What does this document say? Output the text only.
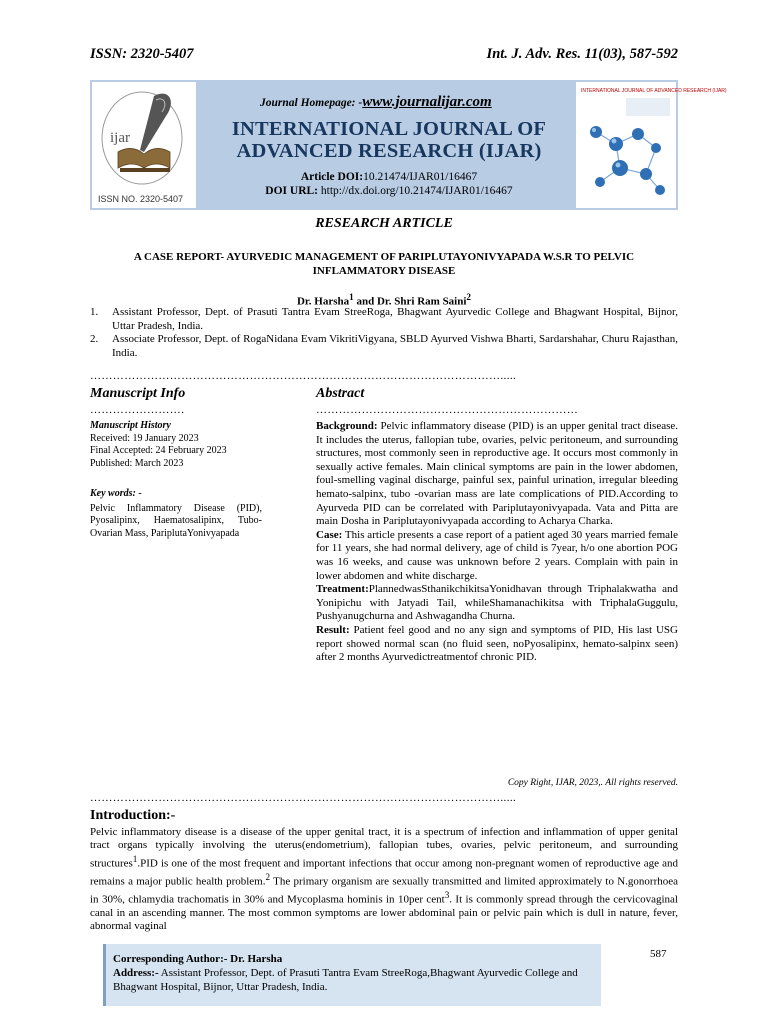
ISSN: 2320-5407	Int. J. Adv. Res. 11(03), 587-592
ijar
ISSN NO. 2320-5407
Journal Homepage: -www.journalijar.com
INTERNATIONAL JOURNAL OF
ADVANCED RESEARCH (IJAR)
Article DOI:10.21474/IJAR01/16467
DOI URL: http://dx.doi.org/10.21474/IJAR01/16467
INTERNATIONAL JOURNAL OF ADVANCED RESEARCH (IJAR)
RESEARCH ARTICLE
A CASE REPORT- AYURVEDIC MANAGEMENT OF PARIPLUTAYONIVYAPADA W.S.R TO PELVIC INFLAMMATORY DISEASE
Dr. Harsha$^1$ and Dr. Shri Ram Saini$^2$
1. Assistant Professor, Dept. of Prasuti Tantra Evam StreeRoga, Bhagwant Ayurvedic College and Bhagwant Hospital, Bijnor, Uttar Pradesh, India.
2. Associate Professor, Dept. of RogaNidana Evam VikritiVigyana, SBLD Ayurved Vishwa Bharti, Sardarshahar, Churu Rajasthan, India.
……………………………………………………………………………………………….....
Manuscript Info	Abstract
…………………….	……………………………………………………………
Manuscript History
Received: 19 January 2023
Final Accepted: 24 February 2023
Published: March 2023
Key words: -
Pelvic Inflammatory Disease (PID), Pyosalipinx, Haematosalipinx, Tubo-Ovarian Mass, PariplutaYonivyapada

Background: Pelvic inflammatory disease (PID) is an upper genital tract disease. It includes the uterus, fallopian tube, ovaries, pelvic peritoneum, and surrounding structures, most commonly seen in reproductive age. It occurs most commonly in sexually active females. Main clinical symptoms are pain in the lower abdomen, foul-smelling vaginal discharge, painful sex, painful urination, irregular bleeding hemato-salpinx, tubo -ovarian mass are late complications of PID.According to Ayurveda PID can be correlated with Pariplutayonivyapada. Vata and Pitta are main Dosha in Pariplutayonivyapada according to Acharya Charka.

Case: This article presents a case report of a patient aged 30 years married female for 11 years, she had normal delivery, age of child is 7year, h/o one abortion POG was 16 weeks, and cause was unknown before 2 years. Complain with pain in lower abdomen and white discharge.

Treatment:PlannedwasSthanikchikitsaYonidhavan through Triphalakwatha and Yonipichu with Jatyadi Tail, whileShamanachikitsa with TriphalaGuggulu, Pushyanugchurna and Ashwagandha Churna.

Result: Patient feel good and no any sign and symptoms of PID, His last USG report showed normal scan (no fluid seen, noPyosalipinx, hemato-salpinx seen) after 2 months Ayurvedictreatmentof chronic PID.

Copy Right, IJAR, 2023,. All rights reserved.
……………………………………………………………………………………………….....
Introduction:-
Pelvic inflammatory disease is a disease of the upper genital tract, it is a spectrum of infection and inflammation of upper genital tract organs typically involving the uterus(endometrium), fallopian tubes, ovaries, pelvic peritoneum, and surrounding structures$^1$.PID is one of the most frequent and important infections that occur among non-pregnant women of reproductive age and remains a major public health problem.$^2$ The primary organism are sexually transmitted and limited approximately to N.gonorrhoea in 30%, chlamydia trachomatis in 30% and Mycoplasma hominis in 10per cent$^3$. It is commonly spread through the cervicovaginal canal in an ascending manner. The most common symptoms are lower abdominal pain or pelvic pain which is dull in nature, fever, abnormal vaginal
Corresponding Author:- Dr. Harsha
Address:- Assistant Professor, Dept. of Prasuti Tantra Evam StreeRoga,Bhagwant Ayurvedic College and Bhagwant Hospital, Bijnor, Uttar Pradesh, India.
587
